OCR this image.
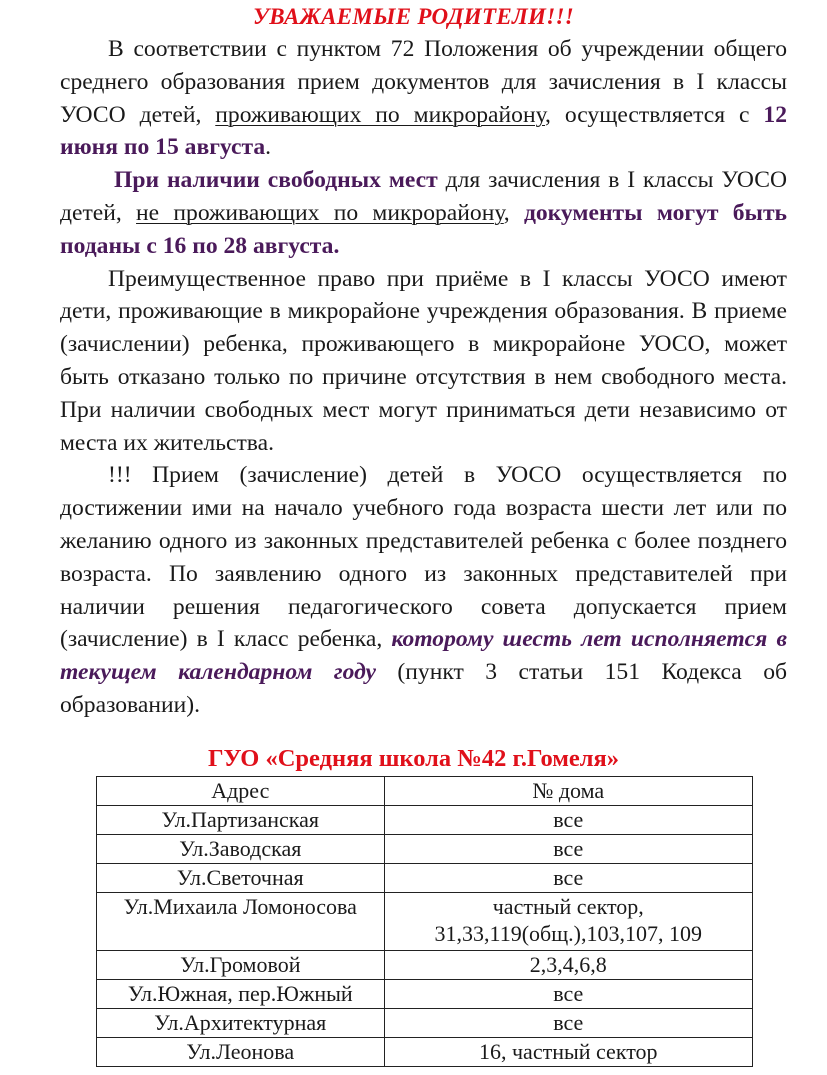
УВАЖАЕМЫЕ РОДИТЕЛИ!!!

В соответствии с пунктом 72 Положения об учреждении общего среднего образования прием документов для зачисления в I классы УОСО детей, проживающих по микрорайону, осуществляется с 12 июня по 15 августа.

При наличии свободных мест для зачисления в I классы УОСО детей, не проживающих по микрорайону, документы могут быть поданы с 16 по 28 августа.

Преимущественное право при приёме в I классы УОСО имеют дети, проживающие в микрорайоне учреждения образования. В приеме (зачислении) ребенка, проживающего в микрорайоне УОСО, может быть отказано только по причине отсутствия в нем свободного места. При наличии свободных мест могут приниматься дети независимо от места их жительства.

!!! Прием (зачисление) детей в УОСО осуществляется по достижении ими на начало учебного года возраста шести лет или по желанию одного из законных представителей ребенка с более позднего возраста. По заявлению одного из законных представителей при наличии решения педагогического совета допускается прием (зачисление) в I класс ребенка, которому шесть лет исполняется в текущем календарном году (пункт 3 статьи 151 Кодекса об образовании).

ГУО «Средняя школа №42 г.Гомеля»
Адрес	№ дома
Ул.Партизанская	все
Ул.Заводская	все
Ул.Светочная	все
Ул.Михаила Ломоносова	частный сектор,
31,33,119(общ.),103,107, 109

Ул.Громовой	2,3,4,6,8
Ул.Южная, пер.Южный	все
Ул.Архитектурная	все
Ул.Леонова	16, частный сектор
